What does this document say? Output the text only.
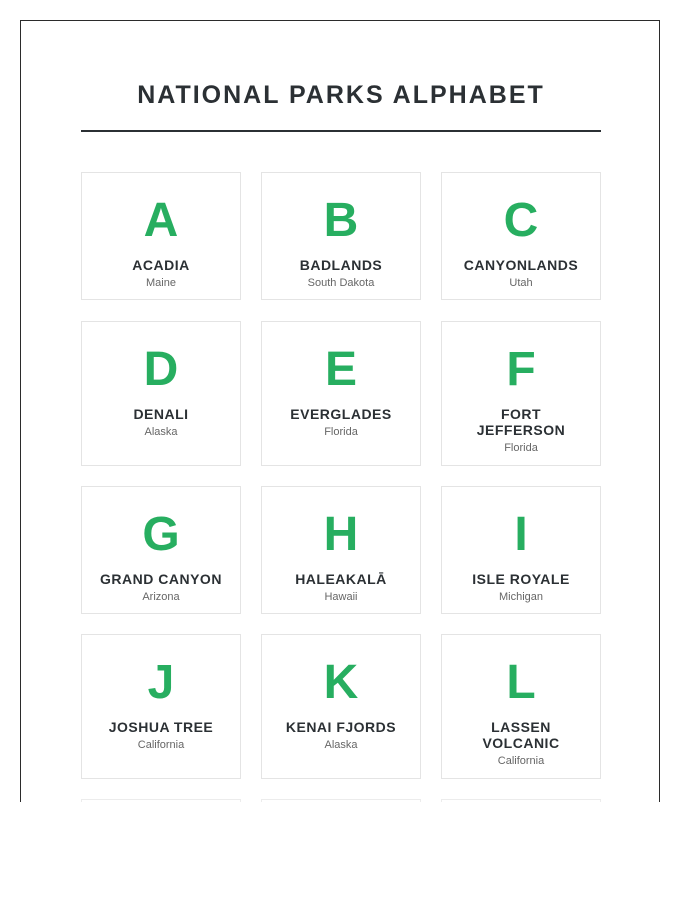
NATIONAL PARKS ALPHABET
A
ACADIA
Maine
B
BADLANDS
South Dakota
C
CANYONLANDS
Utah
D
DENALI
Alaska
E
EVERGLADES
Florida
F
FORT JEFFERSON
Florida
G
GRAND CANYON
Arizona
H
HALEAKALĀ
Hawaii
I
ISLE ROYALE
Michigan
J
JOSHUA TREE
California
K
KENAI FJORDS
Alaska
L
LASSEN VOLCANIC
California
